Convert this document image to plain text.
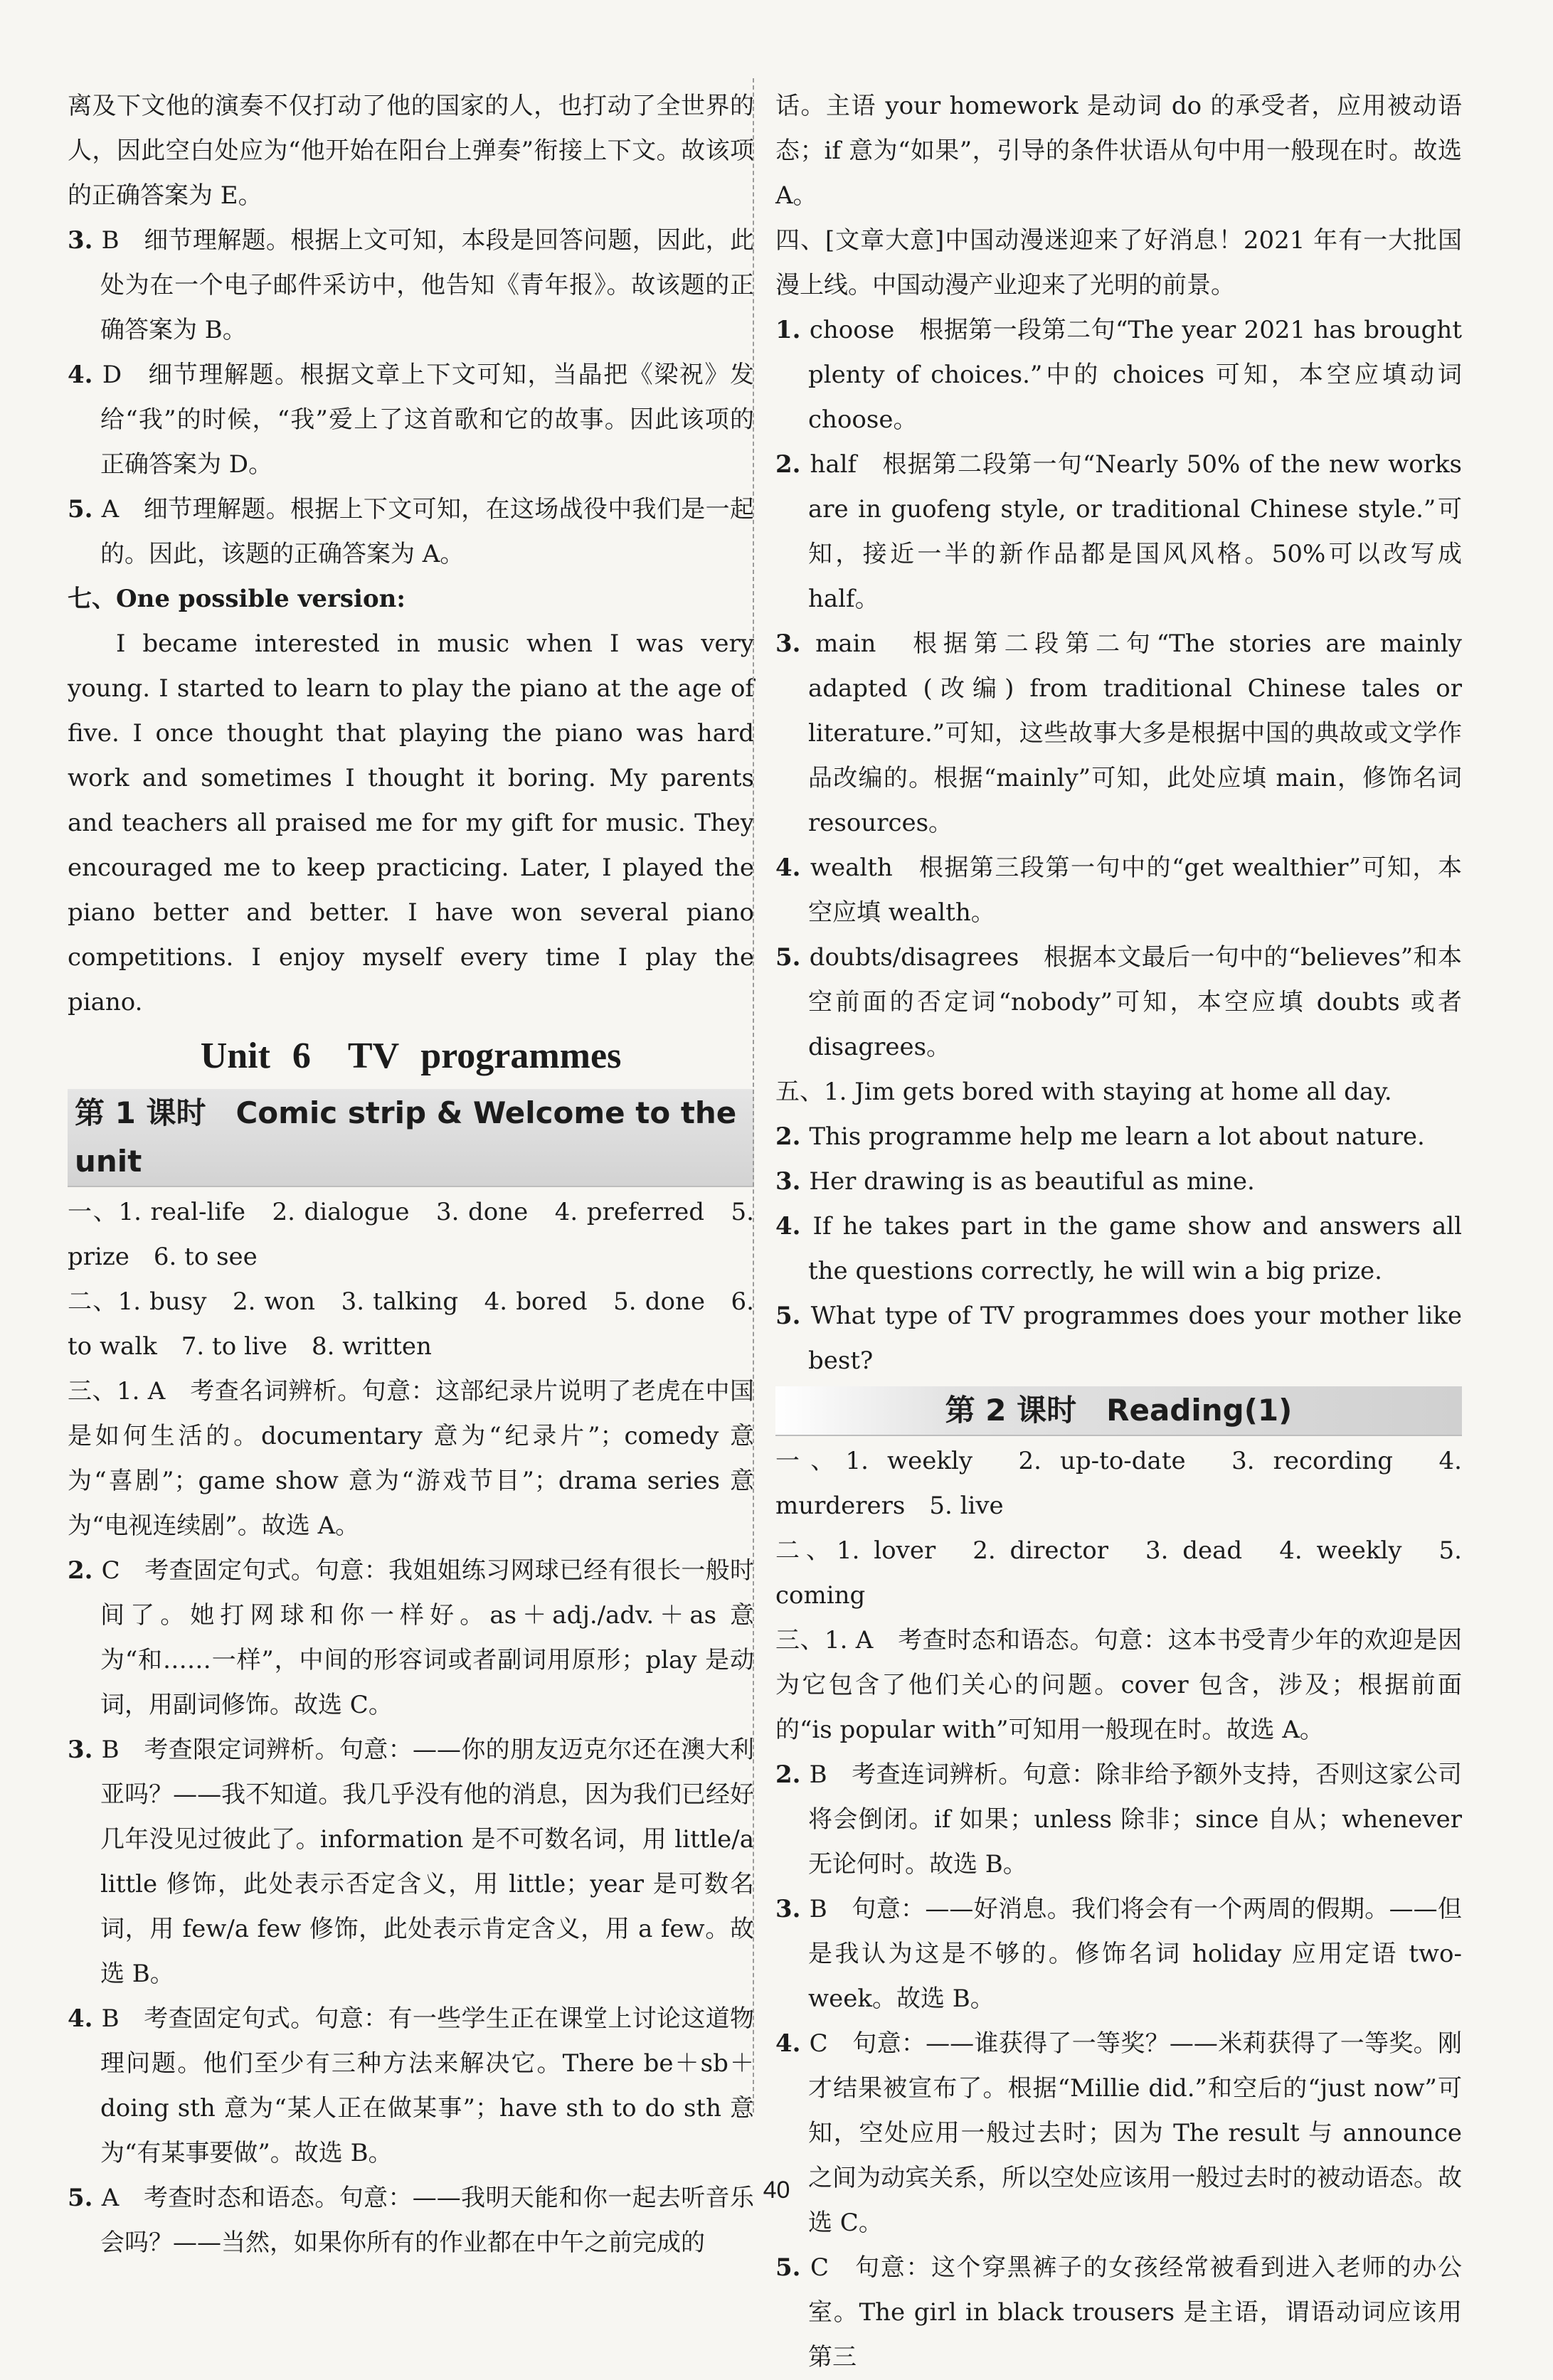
离及下文他的演奏不仅打动了他的国家的人，也打动了全世界的人，因此空白处应为“他开始在阳台上弹奏”衔接上下文。故该项的正确答案为 E。
3. B　细节理解题。根据上文可知，本段是回答问题，因此，此处为在一个电子邮件采访中，他告知《青年报》。故该题的正确答案为 B。
4. D　细节理解题。根据文章上下文可知，当晶把《梁祝》发给“我”的时候，“我”爱上了这首歌和它的故事。因此该项的正确答案为 D。
5. A　细节理解题。根据上下文可知，在这场战役中我们是一起的。因此，该题的正确答案为 A。
七、One possible version:
I became interested in music when I was very young. I started to learn to play the piano at the age of five. I once thought that playing the piano was hard work and sometimes I thought it boring. My parents and teachers all praised me for my gift for music. They encouraged me to keep practicing. Later, I played the piano better and better. I have won several piano competitions. I enjoy myself every time I play the piano.
Unit 6　TV programmes
第 1 课时　Comic strip & Welcome to the unit
一、1. real-life　2. dialogue　3. done　4. preferred　5. prize　6. to see
二、1. busy　2. won　3. talking　4. bored　5. done　6. to walk　7. to live　8. written
三、1. A　考查名词辨析。句意：这部纪录片说明了老虎在中国是如何生活的。documentary 意为“纪录片”；comedy 意为“喜剧”；game show 意为“游戏节目”；drama series 意为“电视连续剧”。故选 A。
2. C　考查固定句式。句意：我姐姐练习网球已经有很长一般时间了。她打网球和你一样好。as＋adj./adv.＋as 意为“和……一样”，中间的形容词或者副词用原形；play 是动词，用副词修饰。故选 C。
3. B　考查限定词辨析。句意：——你的朋友迈克尔还在澳大利亚吗？——我不知道。我几乎没有他的消息，因为我们已经好几年没见过彼此了。information 是不可数名词，用 little/a little 修饰，此处表示否定含义，用 little；year 是可数名词，用 few/a few 修饰，此处表示肯定含义，用 a few。故选 B。
4. B　考查固定句式。句意：有一些学生正在课堂上讨论这道物理问题。他们至少有三种方法来解决它。There be＋sb＋doing sth 意为“某人正在做某事”；have sth to do sth 意为“有某事要做”。故选 B。
5. A　考查时态和语态。句意：——我明天能和你一起去听音乐会吗？——当然，如果你所有的作业都在中午之前完成的
话。主语 your homework 是动词 do 的承受者，应用被动语态；if 意为“如果”，引导的条件状语从句中用一般现在时。故选 A。
四、[文章大意]中国动漫迷迎来了好消息！2021 年有一大批国漫上线。中国动漫产业迎来了光明的前景。
1. choose　根据第一段第二句“The year 2021 has brought plenty of choices.”中的 choices 可知，本空应填动词 choose。
2. half　根据第二段第一句“Nearly 50% of the new works are in guofeng style, or traditional Chinese style.”可知，接近一半的新作品都是国风风格。50%可以改写成 half。
3. main　根据第二段第二句“The stories are mainly adapted (改编) from traditional Chinese tales or literature.”可知，这些故事大多是根据中国的典故或文学作品改编的。根据“mainly”可知，此处应填 main，修饰名词 resources。
4. wealth　根据第三段第一句中的“get wealthier”可知，本空应填 wealth。
5. doubts/disagrees　根据本文最后一句中的“believes”和本空前面的否定词“nobody”可知，本空应填 doubts 或者 disagrees。
五、1. Jim gets bored with staying at home all day.
2. This programme help me learn a lot about nature.
3. Her drawing is as beautiful as mine.
4. If he takes part in the game show and answers all the questions correctly, he will win a big prize.
5. What type of TV programmes does your mother like best?
第 2 课时　Reading(1)
一、1. weekly　2. up-to-date　3. recording　4. murderers　5. live
二、1. lover　2. director　3. dead　4. weekly　5. coming
三、1. A　考查时态和语态。句意：这本书受青少年的欢迎是因为它包含了他们关心的问题。cover 包含，涉及；根据前面的“is popular with”可知用一般现在时。故选 A。
2. B　考查连词辨析。句意：除非给予额外支持，否则这家公司将会倒闭。if 如果；unless 除非；since 自从；whenever 无论何时。故选 B。
3. B　句意：——好消息。我们将会有一个两周的假期。——但是我认为这是不够的。修饰名词 holiday 应用定语 two-week。故选 B。
4. C　句意：——谁获得了一等奖？——米莉获得了一等奖。刚才结果被宣布了。根据“Millie did.”和空后的“just now”可知，空处应用一般过去时；因为 The result 与 announce 之间为动宾关系，所以空处应该用一般过去时的被动语态。故选 C。
5. C　句意：这个穿黑裤子的女孩经常被看到进入老师的办公室。The girl in black trousers 是主语，谓语动词应该用第三
40
